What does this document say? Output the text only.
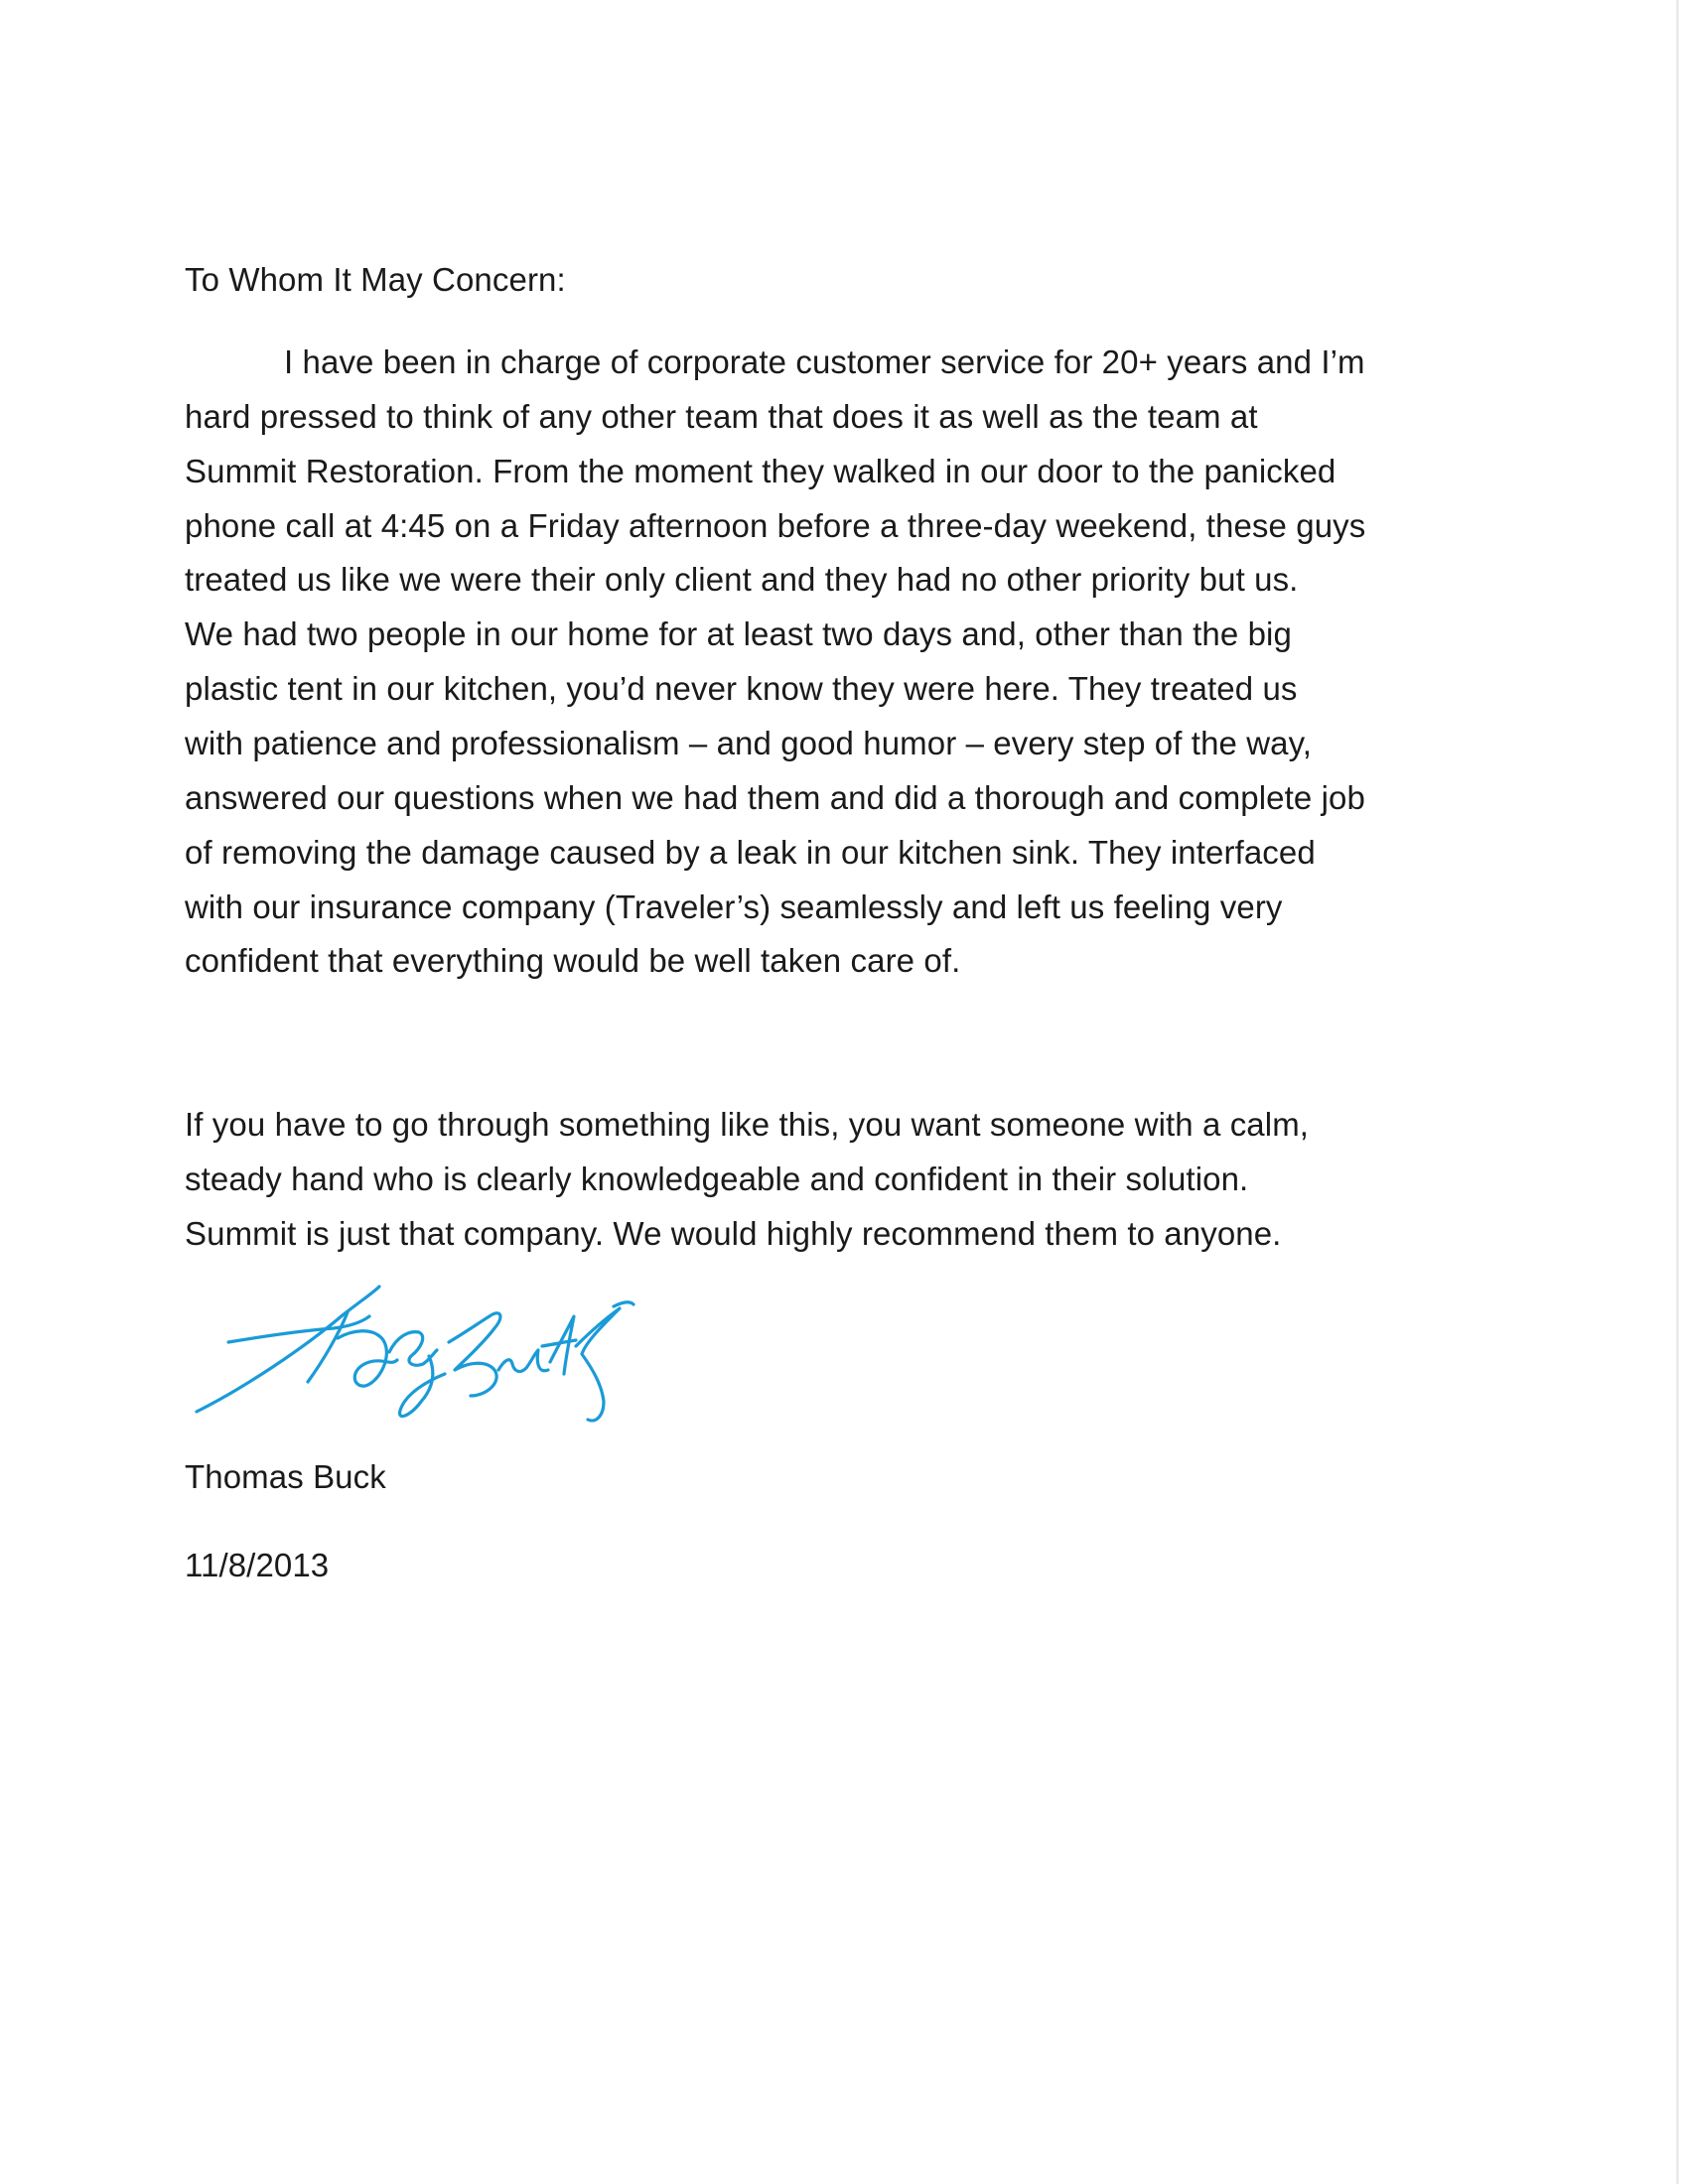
To Whom It May Concern:
I have been in charge of corporate customer service for 20+ years and I’m
hard pressed to think of any other team that does it as well as the team at
Summit Restoration. From the moment they walked in our door to the panicked
phone call at 4:45 on a Friday afternoon before a three-day weekend, these guys
treated us like we were their only client and they had no other priority but us.
We had two people in our home for at least two days and, other than the big
plastic tent in our kitchen, you’d never know they were here. They treated us
with patience and professionalism – and good humor – every step of the way,
answered our questions when we had them and did a thorough and complete job
of removing the damage caused by a leak in our kitchen sink. They interfaced
with our insurance company (Traveler’s) seamlessly and left us feeling very
confident that everything would be well taken care of.
If you have to go through something like this, you want someone with a calm,
steady hand who is clearly knowledgeable and confident in their solution.
Summit is just that company. We would highly recommend them to anyone.
Thomas Buck
11/8/2013
